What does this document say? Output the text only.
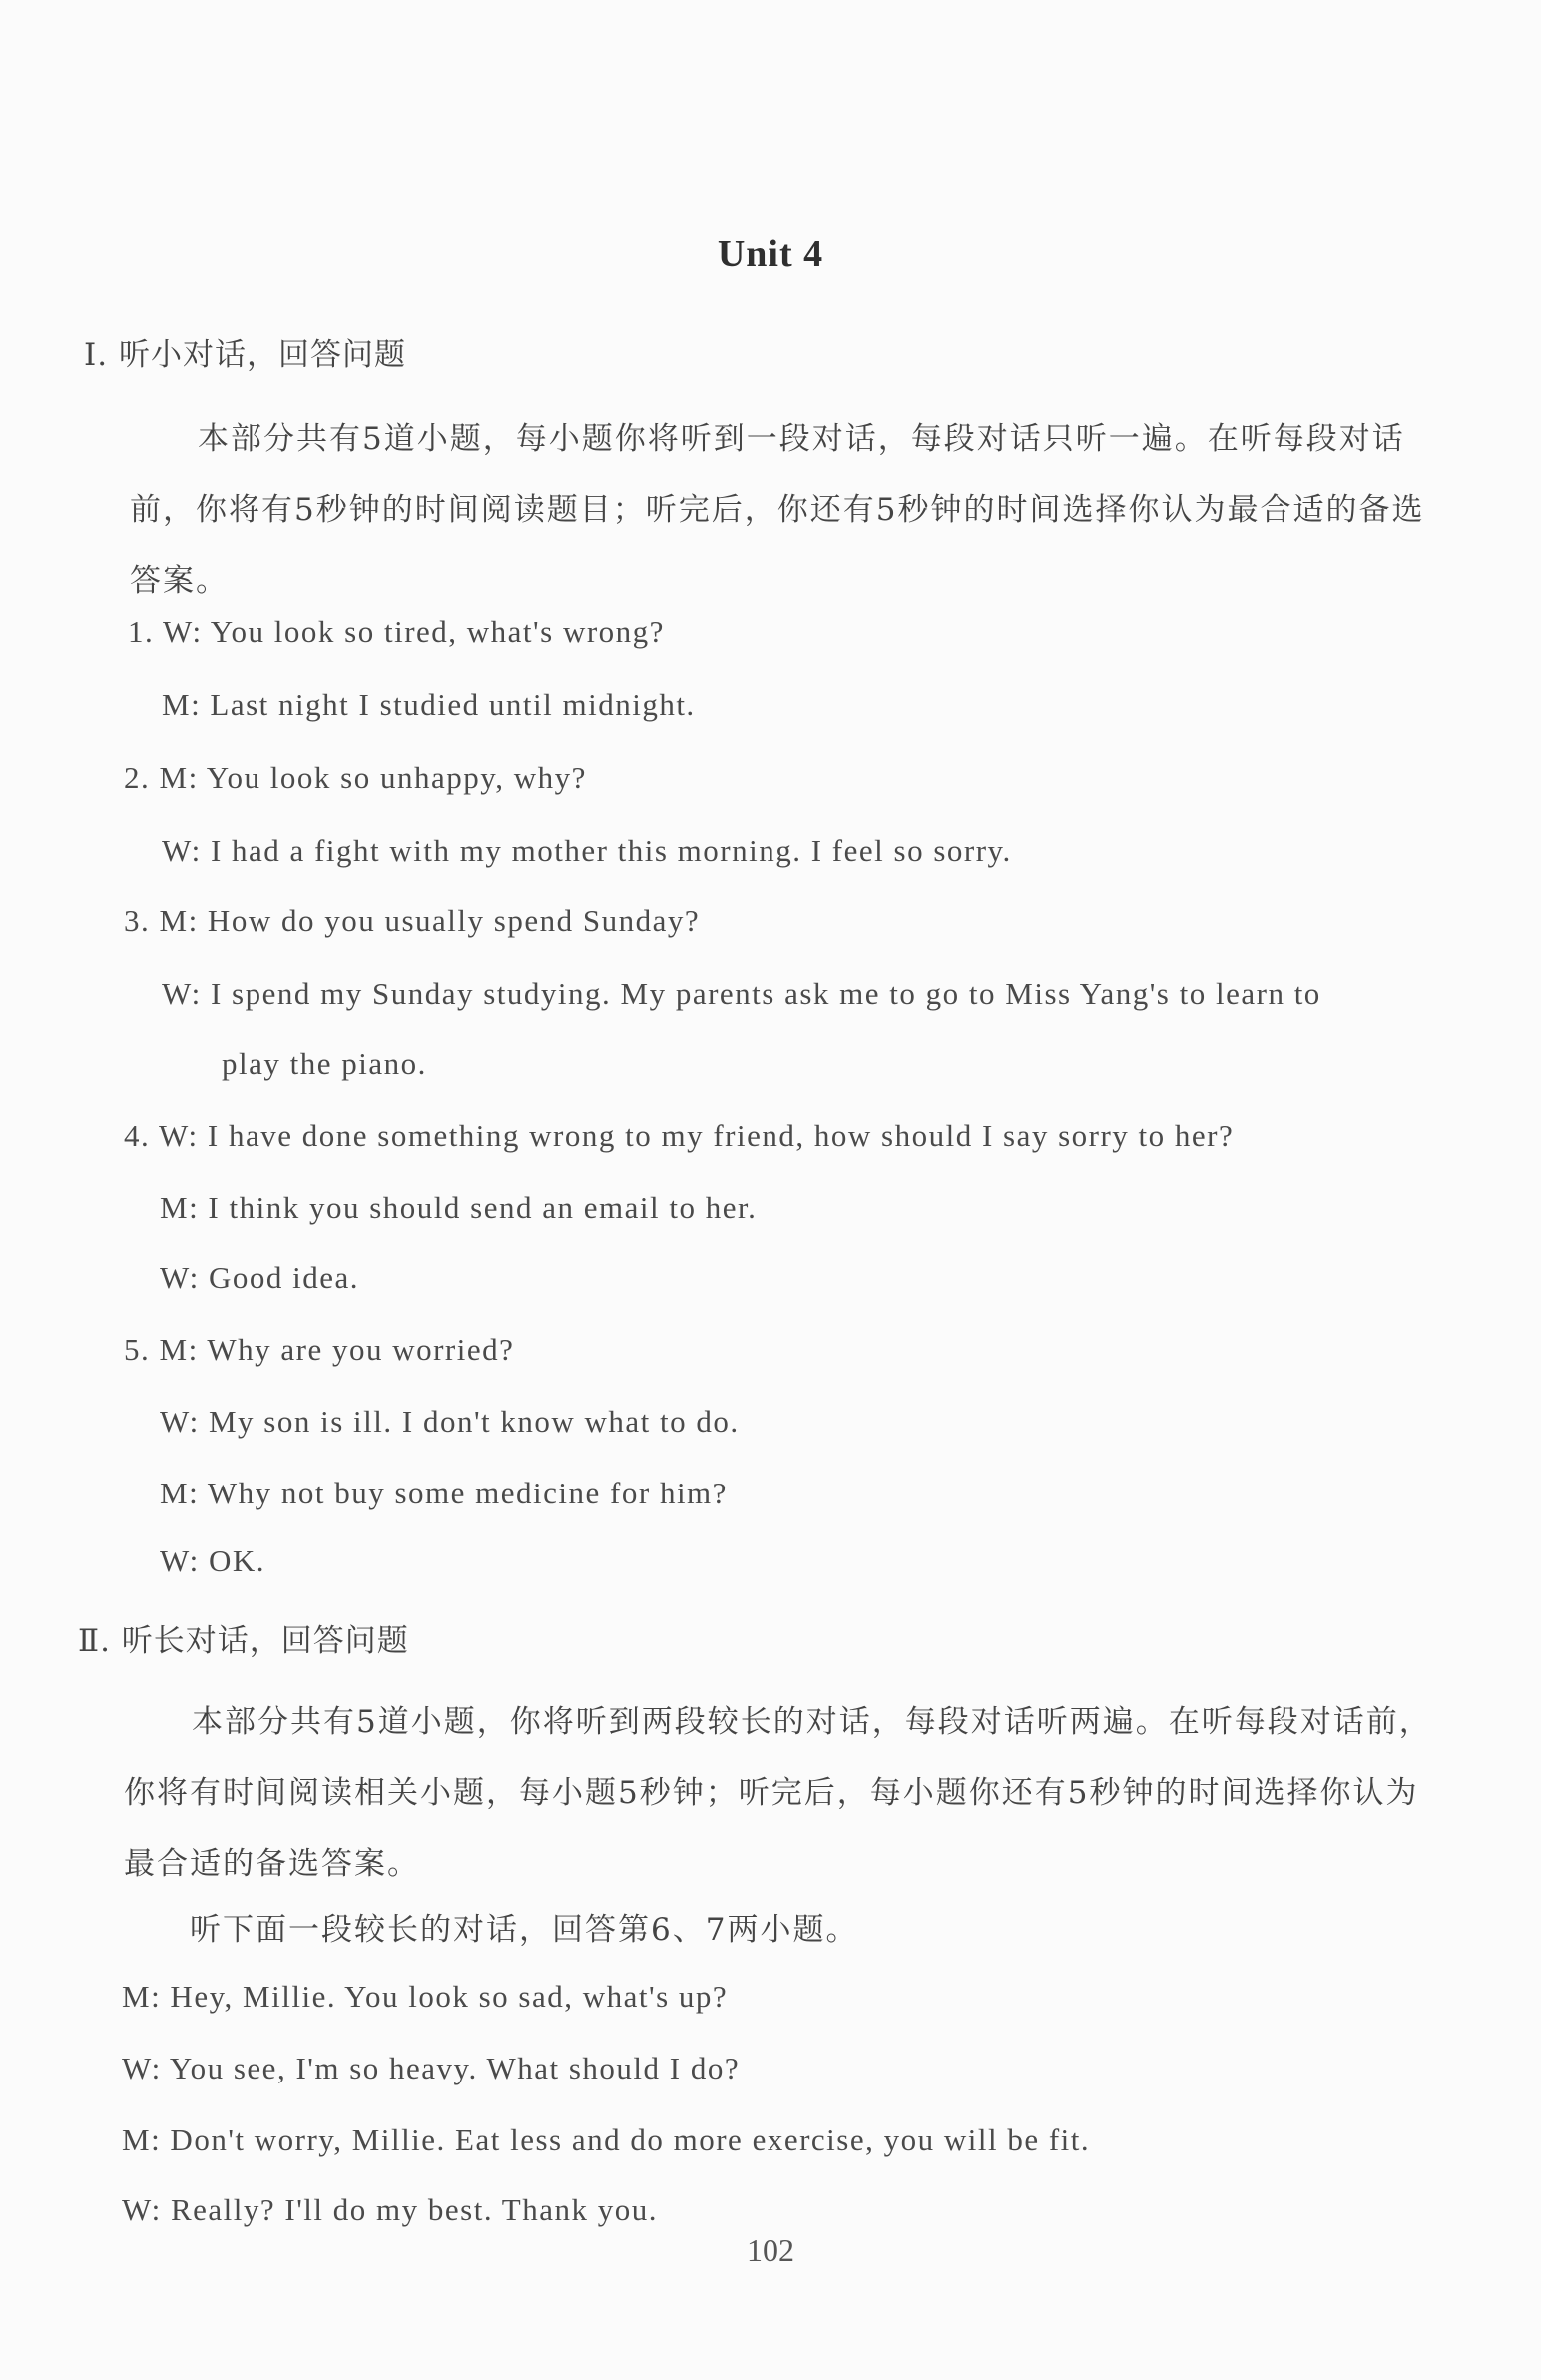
Unit 4
Ⅰ. 听小对话，回答问题

本部分共有5道小题，每小题你将听到一段对话，每段对话只听一遍。在听每段对话前，你将有5秒钟的时间阅读题目；听完后，你还有5秒钟的时间选择你认为最合适的备选答案。

1. W: You look so tired, what's wrong?
M: Last night I studied until midnight.
2. M: You look so unhappy, why?
W: I had a fight with my mother this morning. I feel so sorry.
3. M: How do you usually spend Sunday?
W: I spend my Sunday studying. My parents ask me to go to Miss Yang's to learn to
play the piano.
4. W: I have done something wrong to my friend, how should I say sorry to her?
M: I think you should send an email to her.
W: Good idea.
5. M: Why are you worried?
W: My son is ill. I don't know what to do.
M: Why not buy some medicine for him?
W: OK.
Ⅱ. 听长对话，回答问题

本部分共有5道小题，你将听到两段较长的对话，每段对话听两遍。在听每段对话前，你将有时间阅读相关小题，每小题5秒钟；听完后，每小题你还有5秒钟的时间选择你认为最合适的备选答案。

听下面一段较长的对话，回答第6、7两小题。

M: Hey, Millie. You look so sad, what's up?
W: You see, I'm so heavy. What should I do?
M: Don't worry, Millie. Eat less and do more exercise, you will be fit.
W: Really? I'll do my best. Thank you.
102
